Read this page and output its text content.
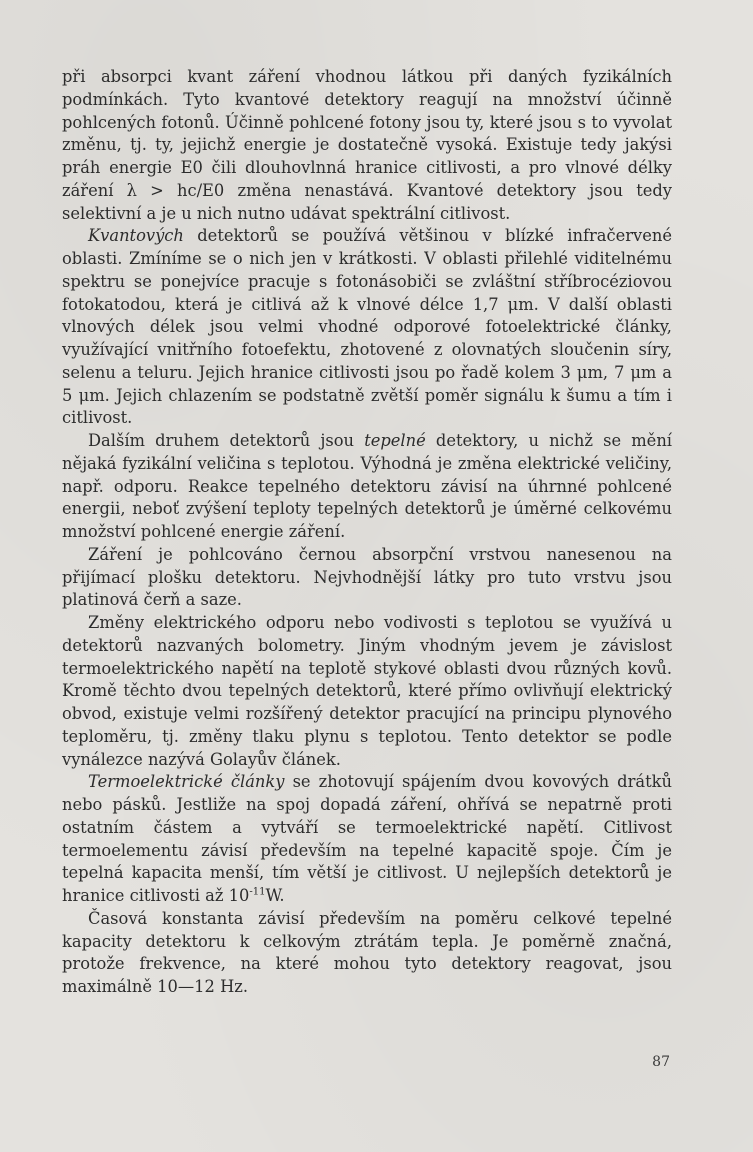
při absorpci kvant záření vhodnou látkou při daných fyzikálních podmínkách. Tyto kvantové detektory reagují na množství účinně pohlcených fotonů. Účinně pohlcené fotony jsou ty, které jsou s to vyvolat změnu, tj. ty, jejichž energie je dostatečně vysoká. Existuje tedy jakýsi práh energie E0 čili dlouhovlnná hranice citlivosti, a pro vlnové délky záření λ > hc/E0 změna nenastává. Kvantové detektory jsou tedy selektivní a je u nich nutno udávat spektrální citlivost.

Kvantových detektorů se používá většinou v blízké infračervené oblasti. Zmíníme se o nich jen v krátkosti. V oblasti přilehlé viditelnému spektru se ponejvíce pracuje s fotonásobiči se zvláštní stříbrocéziovou fotokatodou, která je citlivá až k vlnové délce 1,7 μm. V další oblasti vlnových délek jsou velmi vhodné odporové fotoelektrické články, využívající vnitřního fotoefektu, zhotovené z olovnatých sloučenin síry, selenu a teluru. Jejich hranice citlivosti jsou po řadě kolem 3 μm, 7 μm a 5 μm. Jejich chlazením se podstatně zvětší poměr signálu k šumu a tím i citlivost.

Dalším druhem detektorů jsou tepelné detektory, u nichž se mění nějaká fyzikální veličina s teplotou. Výhodná je změna elektrické veličiny, např. odporu. Reakce tepelného detektoru závisí na úhrnné pohlcené energii, neboť zvýšení teploty tepelných detektorů je úměrné celkovému množství pohlcené energie záření.

Záření je pohlcováno černou absorpční vrstvou nanesenou na přijímací plošku detektoru. Nejvhodnější látky pro tuto vrstvu jsou platinová čerň a saze.

Změny elektrického odporu nebo vodivosti s teplotou se využívá u detektorů nazvaných bolometry. Jiným vhodným jevem je závislost termoelektrického napětí na teplotě stykové oblasti dvou různých kovů. Kromě těchto dvou tepelných detektorů, které přímo ovlivňují elektrický obvod, existuje velmi rozšířený detektor pracující na principu plynového teploměru, tj. změny tlaku plynu s teplotou. Tento detektor se podle vynálezce nazývá Golayův článek.

Termoelektrické články se zhotovují spájením dvou kovových drátků nebo pásků. Jestliže na spoj dopadá záření, ohřívá se nepatrně proti ostatním částem a vytváří se termoelektrické napětí. Citlivost termoelementu závisí především na tepelné kapacitě spoje. Čím je tepelná kapacita menší, tím větší je citlivost. U nejlepších detektorů je hranice citlivosti až $10^{-11}W$.

Časová konstanta závisí především na poměru celkové tepelné kapacity detektoru k celkovým ztrátám tepla. Je poměrně značná, protože frekvence, na které mohou tyto detektory reagovat, jsou maximálně 10—12 Hz.

87
